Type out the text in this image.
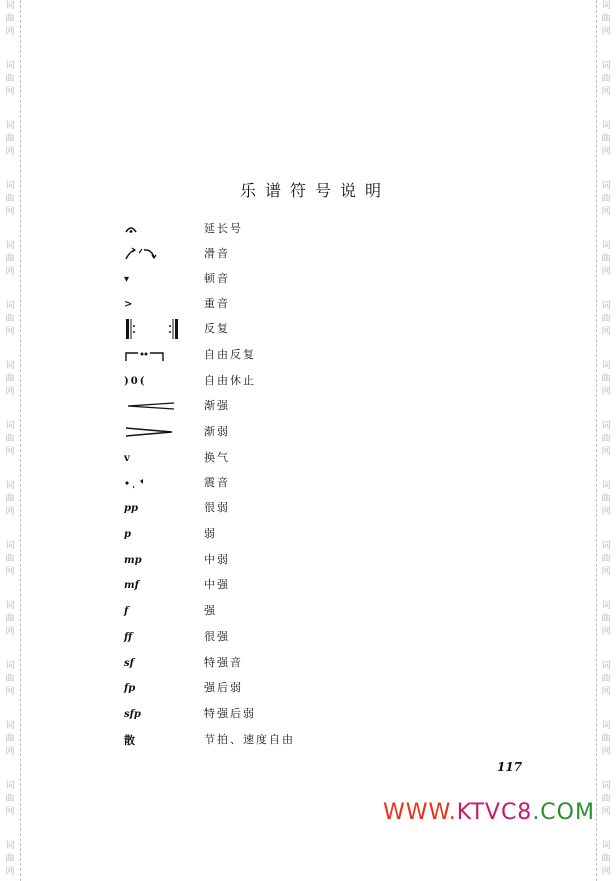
词
曲
网
词
曲
网
词
曲
网
词
曲
网
词
曲
网
词
曲
网
词
曲
网
词
曲
网
词
曲
网
词
曲
网
词
曲
网
词
曲
网
词
曲
网
词
曲
网
词
曲
网
词
曲
网
词
曲
网
词
曲
网
词
曲
网
词
曲
网
词
曲
网
词
曲
网
词
曲
网
词
曲
网
词
曲
网
词
曲
网
词
曲
网
词
曲
网
词
曲
网
词
曲
网
乐谱符号说明
延长号
滑音
▾	顿音
>	重音
反复
自由反复
)0(	自由休止
渐强
渐弱
v	换气
震音
pp	很弱
p	弱
mp	中弱
mf	中强
f	强
ff	很强
sf	特强音
fp	强后弱
sfp	特强后弱
散	节拍、速度自由
117
WWW.KTVC8.COM
